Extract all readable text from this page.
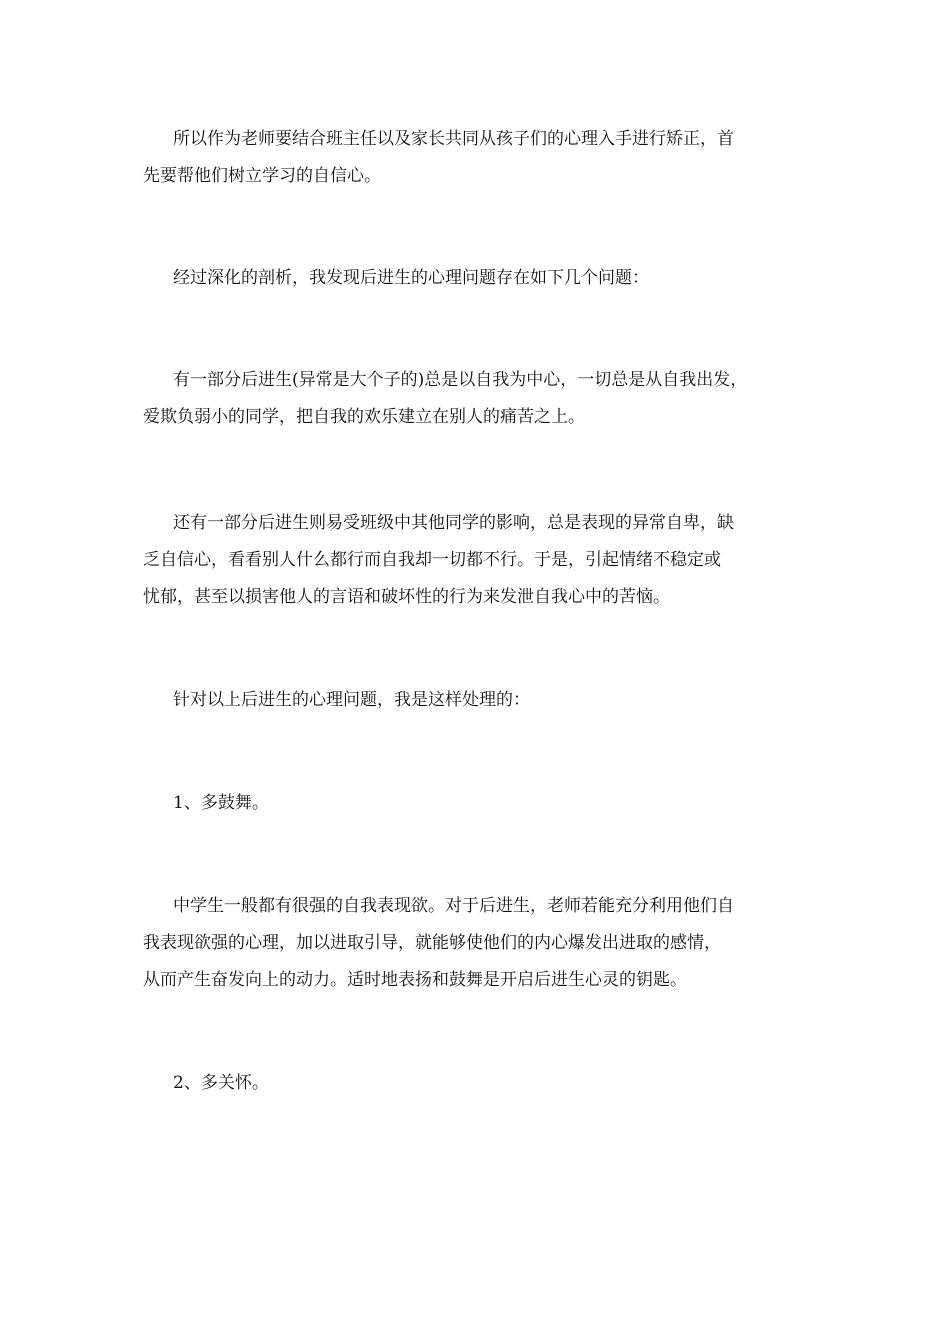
所以作为老师要结合班主任以及家长共同从孩子们的心理入手进行矫正，首
先要帮他们树立学习的自信心。

经过深化的剖析，我发现后进生的心理问题存在如下几个问题：

有一部分后进生(异常是大个子的)总是以自我为中心，一切总是从自我出发，
爱欺负弱小的同学，把自我的欢乐建立在别人的痛苦之上。

还有一部分后进生则易受班级中其他同学的影响，总是表现的异常自卑，缺
乏自信心，看看别人什么都行而自我却一切都不行。于是，引起情绪不稳定或
忧郁，甚至以损害他人的言语和破坏性的行为来发泄自我心中的苦恼。

针对以上后进生的心理问题，我是这样处理的：

1、多鼓舞。

中学生一般都有很强的自我表现欲。对于后进生，老师若能充分利用他们自
我表现欲强的心理，加以进取引导，就能够使他们的内心爆发出进取的感情，
从而产生奋发向上的动力。适时地表扬和鼓舞是开启后进生心灵的钥匙。

2、多关怀。
